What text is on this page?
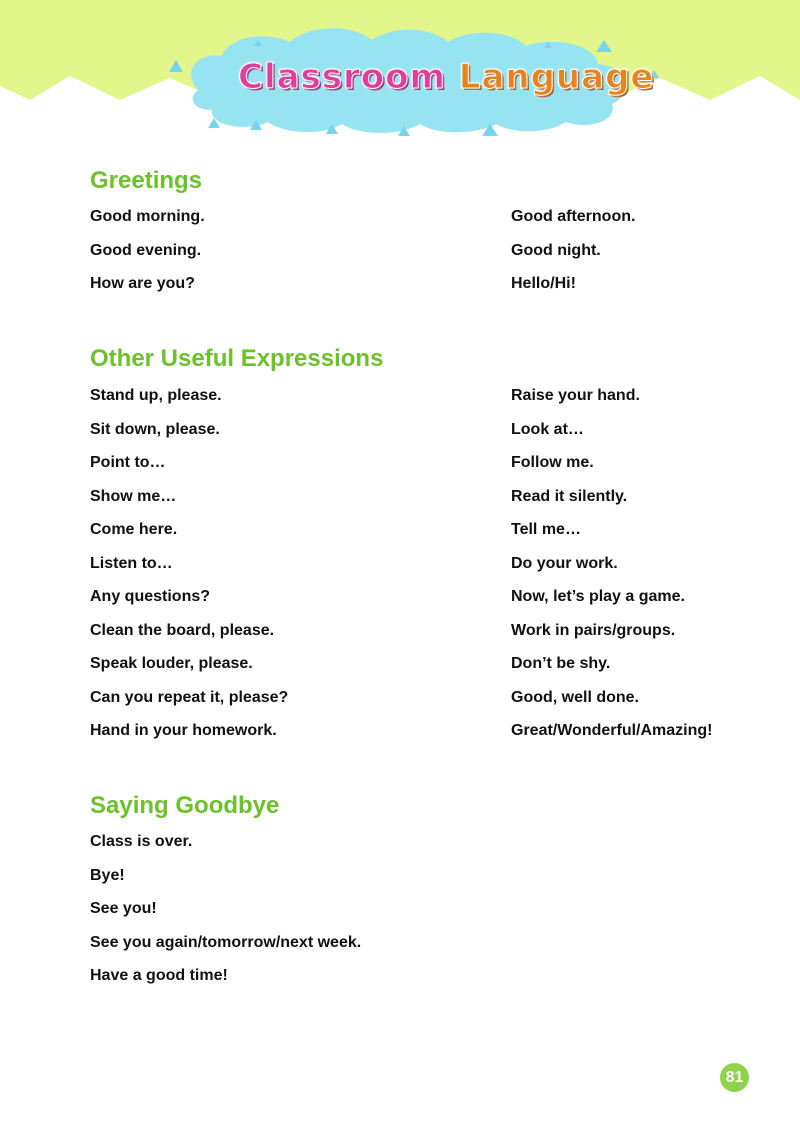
Classroom Language
Greetings
Good morning.
Good evening.
How are you?
Good afternoon.
Good night.
Hello/Hi!
Other Useful Expressions
Stand up, please.
Sit down, please.
Point to…
Show me…
Come here.
Listen to…
Any questions?
Clean the board, please.
Speak louder, please.
Can you repeat it, please?
Hand in your homework.
Raise your hand.
Look at…
Follow me.
Read it silently.
Tell me…
Do your work.
Now, let’s play a game.
Work in pairs/groups.
Don’t be shy.
Good, well done.
Great/Wonderful/Amazing!
Saying Goodbye
Class is over.
Bye!
See you!
See you again/tomorrow/next week.
Have a good time!
81
